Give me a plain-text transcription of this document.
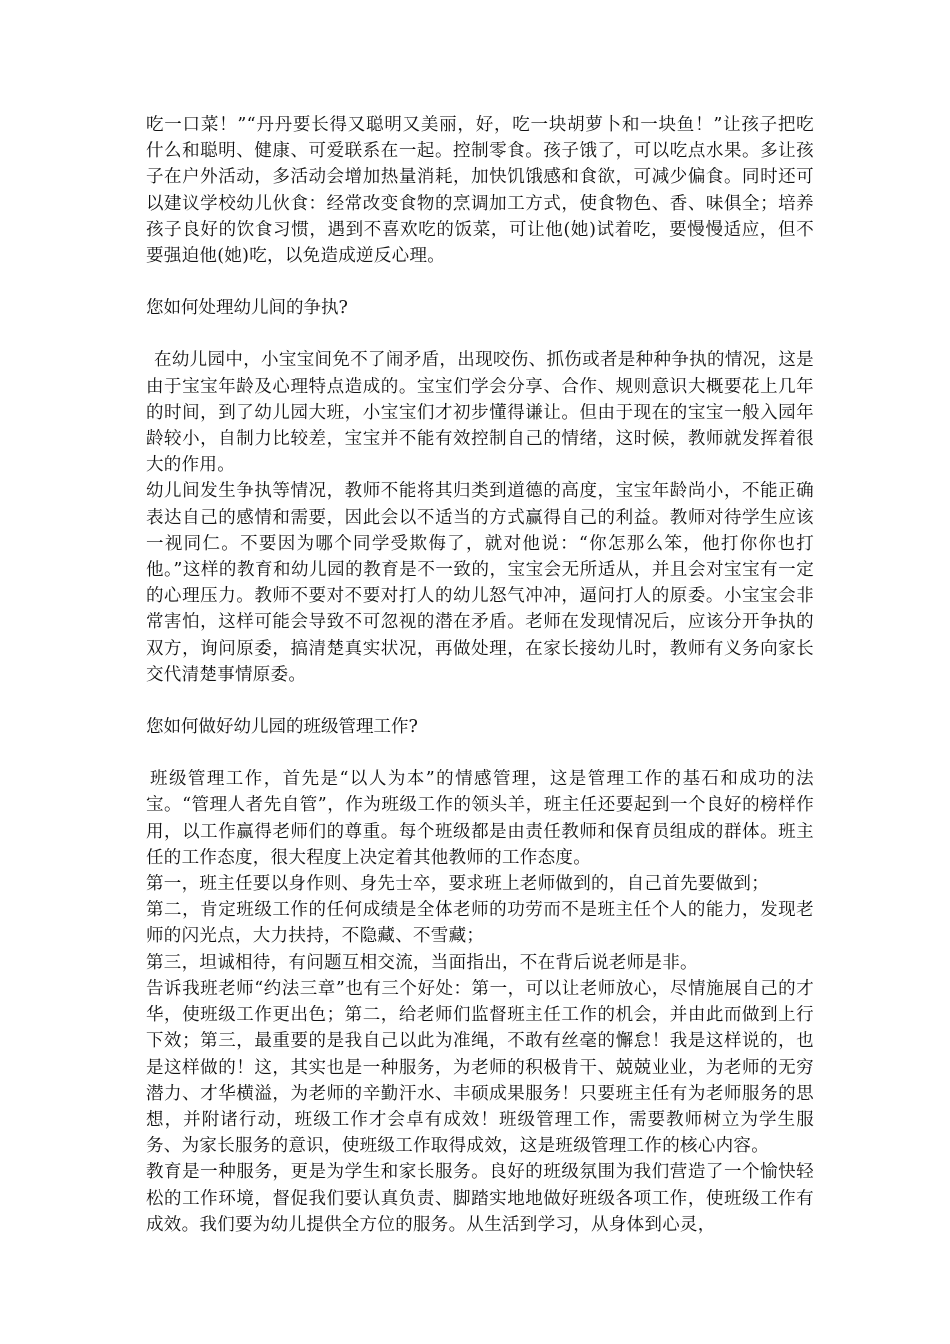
吃一口菜！”“丹丹要长得又聪明又美丽，好，吃一块胡萝卜和一块鱼！”让孩子把吃什么和聪明、健康、可爱联系在一起。控制零食。孩子饿了，可以吃点水果。多让孩子在户外活动，多活动会增加热量消耗，加快饥饿感和食欲，可减少偏食。同时还可以建议学校幼儿伙食：经常改变食物的烹调加工方式，使食物色、香、味俱全；培养孩子良好的饮食习惯，遇到不喜欢吃的饭菜，可让他(她)试着吃，要慢慢适应，但不要强迫他(她)吃，以免造成逆反心理。

您如何处理幼儿间的争执?

在幼儿园中，小宝宝间免不了闹矛盾，出现咬伤、抓伤或者是种种争执的情况，这是由于宝宝年龄及心理特点造成的。宝宝们学会分享、合作、规则意识大概要花上几年的时间，到了幼儿园大班，小宝宝们才初步懂得谦让。但由于现在的宝宝一般入园年龄较小，自制力比较差，宝宝并不能有效控制自己的情绪，这时候，教师就发挥着很大的作用。

幼儿间发生争执等情况，教师不能将其归类到道德的高度，宝宝年龄尚小，不能正确表达自己的感情和需要，因此会以不适当的方式赢得自己的利益。教师对待学生应该一视同仁。不要因为哪个同学受欺侮了，就对他说：“你怎那么笨，他打你你也打他。”这样的教育和幼儿园的教育是不一致的，宝宝会无所适从，并且会对宝宝有一定的心理压力。教师不要对不要对打人的幼儿怒气冲冲，逼问打人的原委。小宝宝会非常害怕，这样可能会导致不可忽视的潜在矛盾。老师在发现情况后，应该分开争执的双方，询问原委，搞清楚真实状况，再做处理，在家长接幼儿时，教师有义务向家长交代清楚事情原委。

您如何做好幼儿园的班级管理工作?

班级管理工作，首先是“以人为本”的情感管理，这是管理工作的基石和成功的法宝。“管理人者先自管”，作为班级工作的领头羊，班主任还要起到一个良好的榜样作用，以工作赢得老师们的尊重。每个班级都是由责任教师和保育员组成的群体。班主任的工作态度，很大程度上决定着其他教师的工作态度。

第一，班主任要以身作则、身先士卒，要求班上老师做到的，自己首先要做到；

第二，肯定班级工作的任何成绩是全体老师的功劳而不是班主任个人的能力，发现老师的闪光点，大力扶持，不隐藏、不雪藏；

第三，坦诚相待，有问题互相交流，当面指出，不在背后说老师是非。

告诉我班老师“约法三章”也有三个好处：第一，可以让老师放心，尽情施展自己的才华，使班级工作更出色；第二，给老师们监督班主任工作的机会，并由此而做到上行下效；第三，最重要的是我自己以此为准绳，不敢有丝毫的懈怠！我是这样说的，也是这样做的！这，其实也是一种服务，为老师的积极肯干、兢兢业业，为老师的无穷潜力、才华横溢，为老师的辛勤汗水、丰硕成果服务！只要班主任有为老师服务的思想，并附诸行动，班级工作才会卓有成效！班级管理工作，需要教师树立为学生服务、为家长服务的意识，使班级工作取得成效，这是班级管理工作的核心内容。

教育是一种服务，更是为学生和家长服务。良好的班级氛围为我们营造了一个愉快轻松的工作环境，督促我们要认真负责、脚踏实地地做好班级各项工作，使班级工作有成效。我们要为幼儿提供全方位的服务。从生活到学习，从身体到心灵，
